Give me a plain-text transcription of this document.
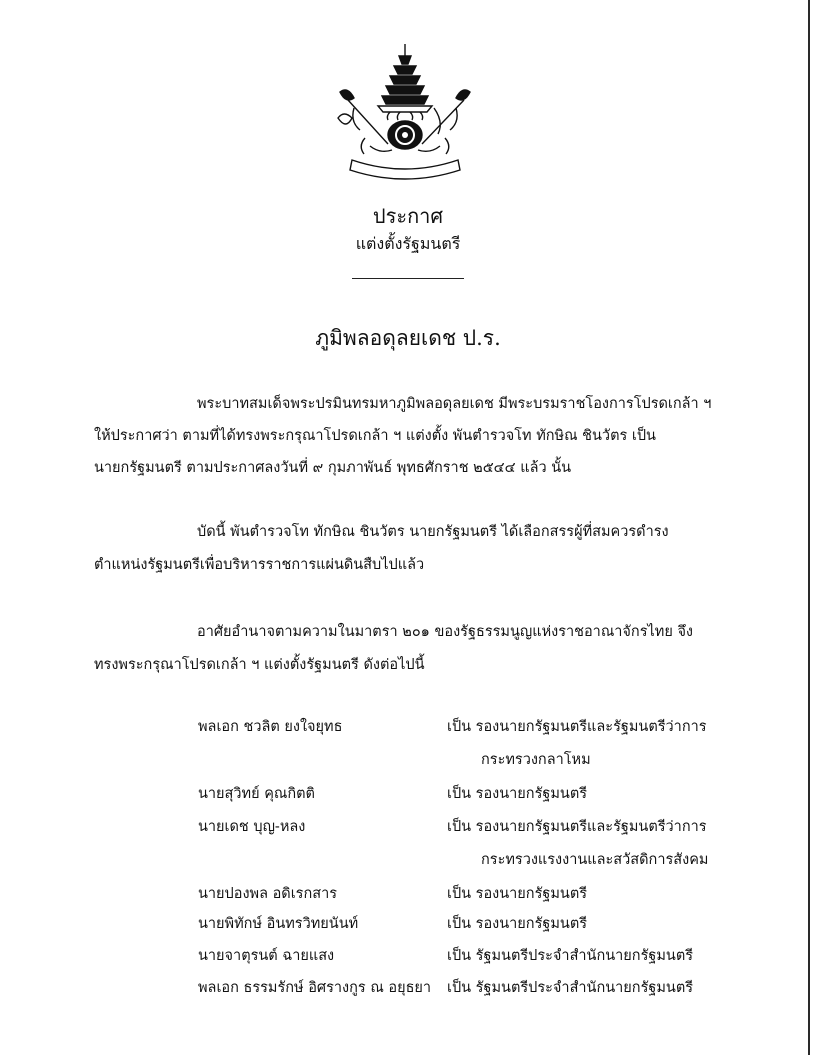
ประกาศ
แต่งตั้งรัฐมนตรี
ภูมิพลอดุลยเดช ป.ร.
พระบาทสมเด็จพระปรมินทรมหาภูมิพลอดุลยเดช มีพระบรมราชโองการโปรดเกล้า ฯ
ให้ประกาศว่า ตามที่ได้ทรงพระกรุณาโปรดเกล้า ฯ แต่งตั้ง พันตำรวจโท ทักษิณ ชินวัตร เป็น
นายกรัฐมนตรี ตามประกาศลงวันที่ ๙ กุมภาพันธ์ พุทธศักราช ๒๕๔๔ แล้ว นั้น
บัดนี้ พันตำรวจโท ทักษิณ ชินวัตร นายกรัฐมนตรี ได้เลือกสรรผู้ที่สมควรดำรง
ตำแหน่งรัฐมนตรีเพื่อบริหารราชการแผ่นดินสืบไปแล้ว
อาศัยอำนาจตามความในมาตรา ๒๐๑ ของรัฐธรรมนูญแห่งราชอาณาจักรไทย จึง
ทรงพระกรุณาโปรดเกล้า ฯ แต่งตั้งรัฐมนตรี ดังต่อไปนี้
พลเอก ชวลิต ยงใจยุทธ	เป็น รองนายกรัฐมนตรีและรัฐมนตรีว่าการ
กระทรวงกลาโหม
นายสุวิทย์ คุณกิตติ	เป็น รองนายกรัฐมนตรี
นายเดช บุญ-หลง	เป็น รองนายกรัฐมนตรีและรัฐมนตรีว่าการ
กระทรวงแรงงานและสวัสดิการสังคม
นายปองพล อดิเรกสาร	เป็น รองนายกรัฐมนตรี
นายพิทักษ์ อินทรวิทยนันท์	เป็น รองนายกรัฐมนตรี
นายจาตุรนต์ ฉายแสง	เป็น รัฐมนตรีประจำสำนักนายกรัฐมนตรี
พลเอก ธรรมรักษ์ อิศรางกูร ณ อยุธยา เป็น รัฐมนตรีประจำสำนักนายกรัฐมนตรี
